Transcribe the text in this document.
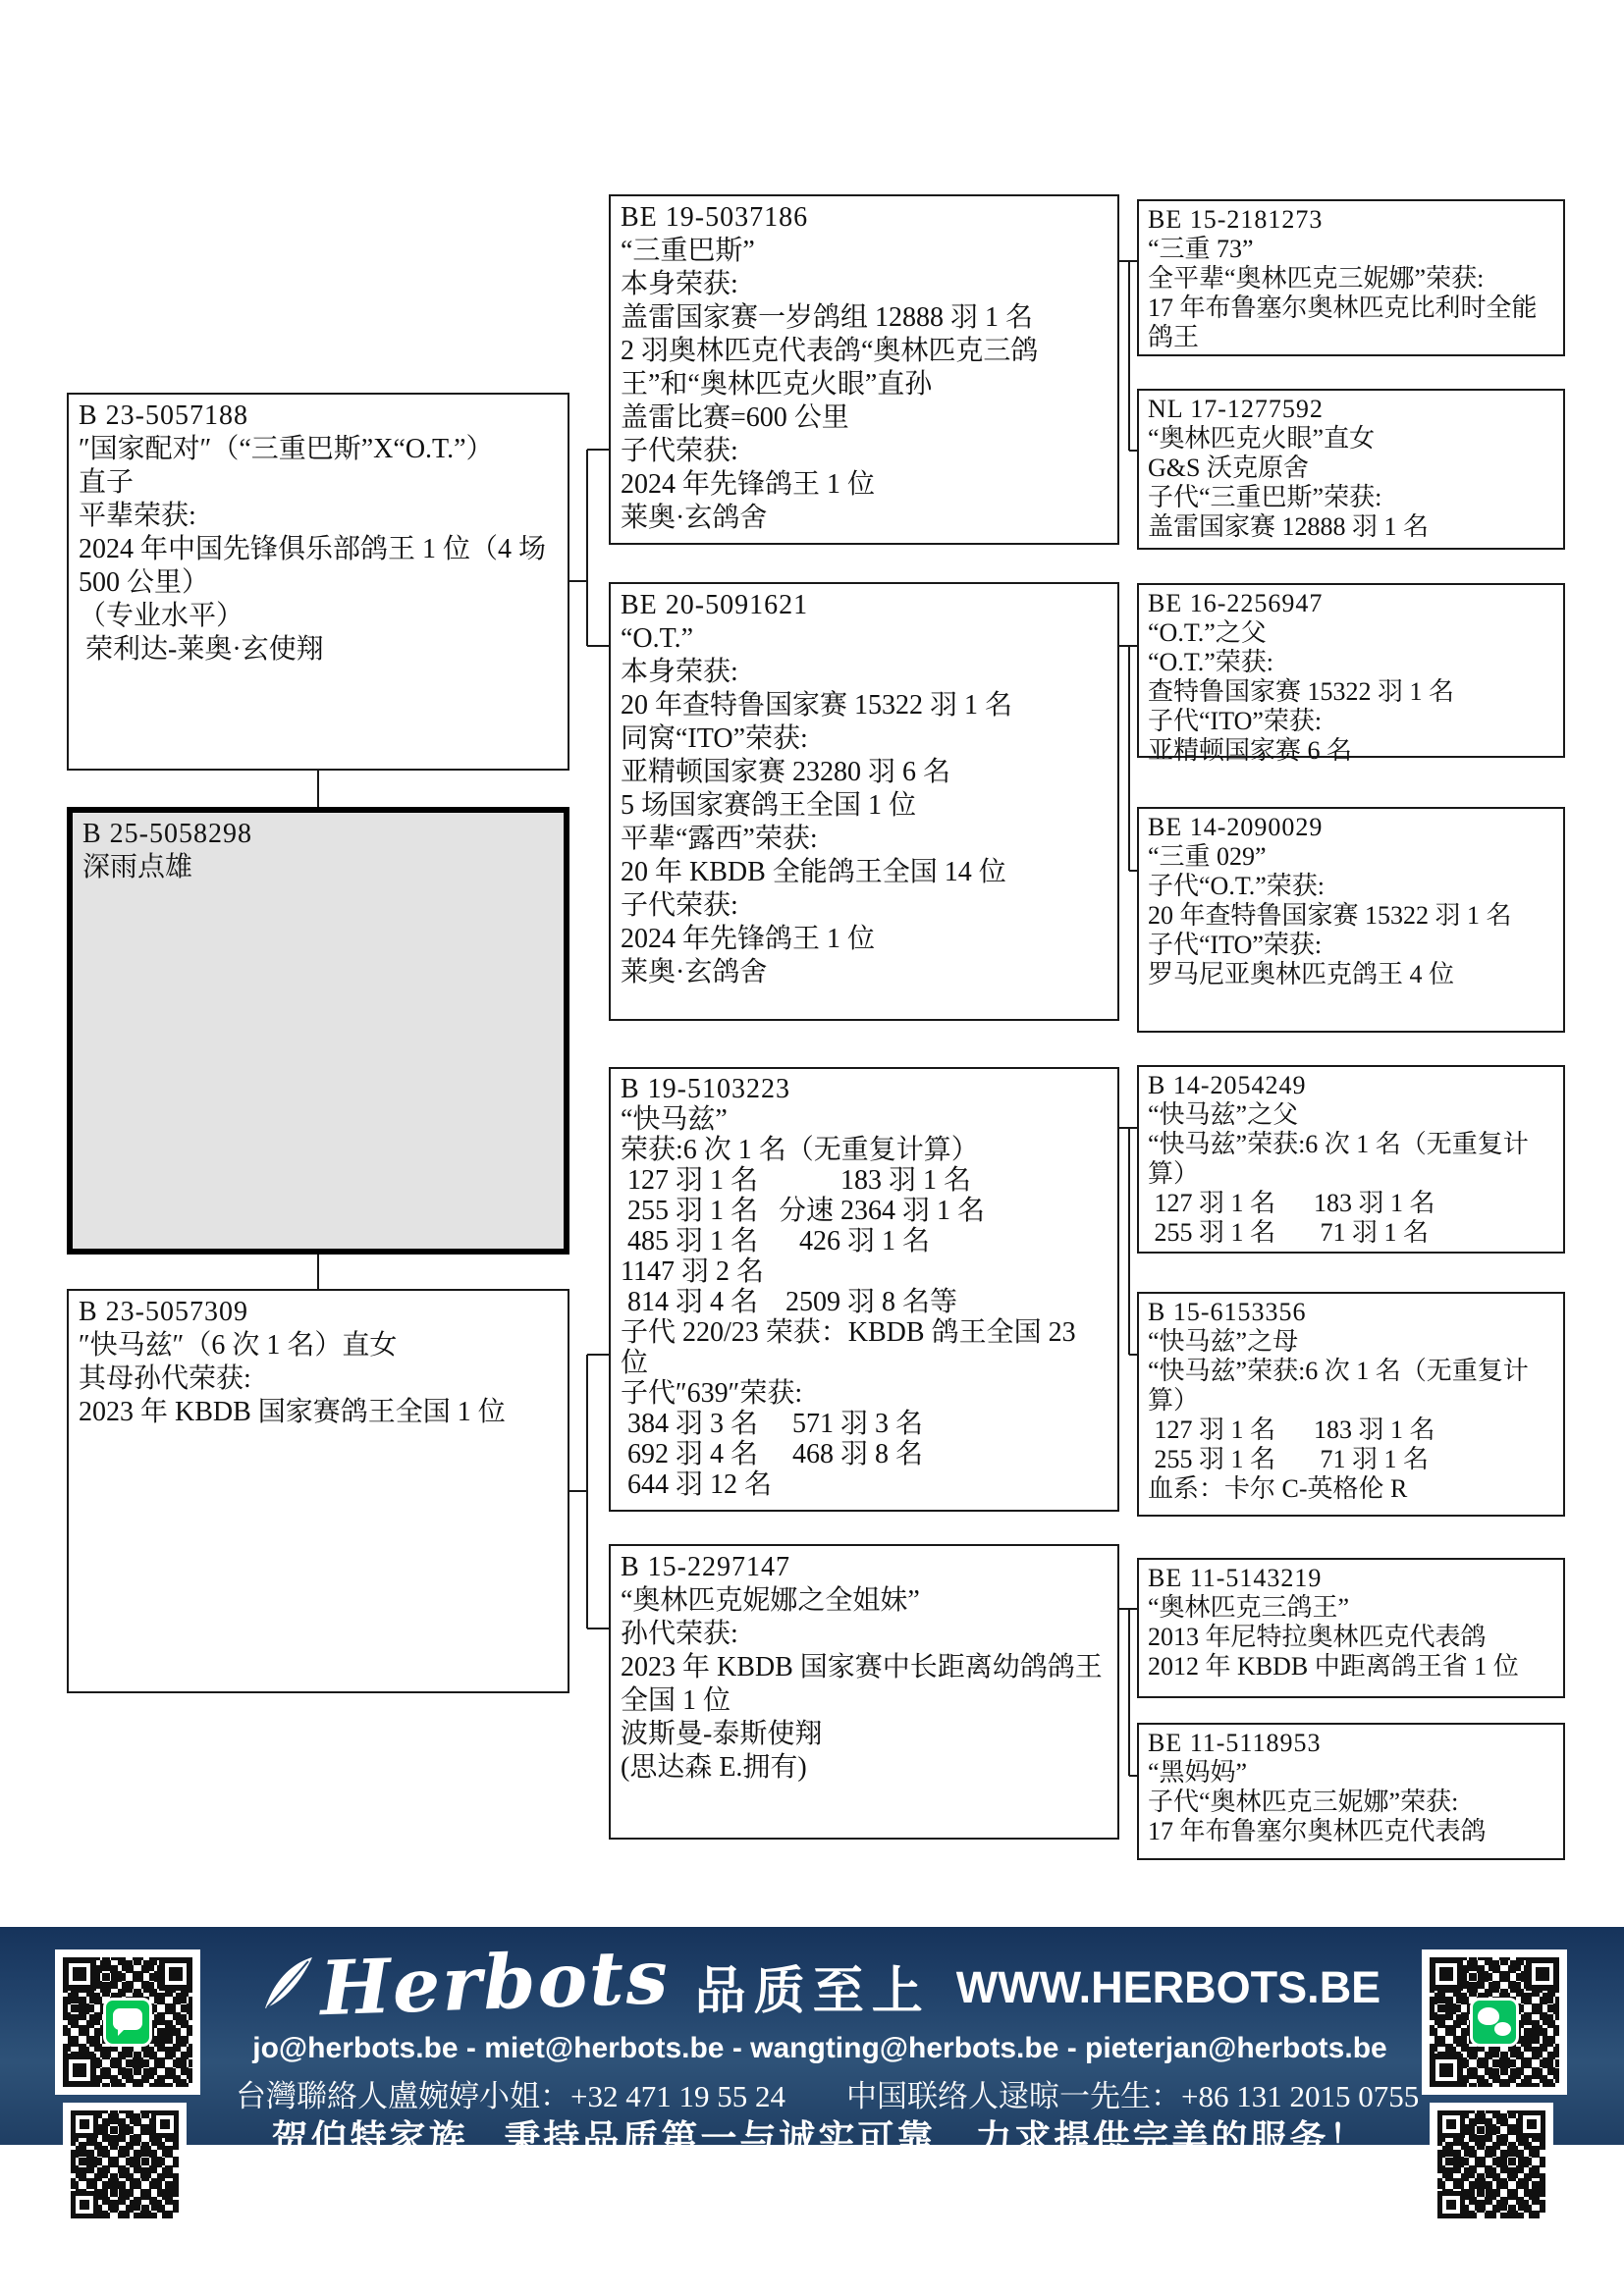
B 23-5057188
″国家配对″（“三重巴斯”X“O.T.”）
直子
平辈荣获:
2024 年中国先锋俱乐部鸽王 1 位（4 场 500 公里）
（专业水平）
荣利达-莱奥·玄使翔
B 25-5058298
深雨点雄
B 23-5057309
″快马兹″（6 次 1 名）直女
其母孙代荣获:
2023 年 KBDB 国家赛鸽王全国 1 位
BE 19-5037186
“三重巴斯”
本身荣获:
盖雷国家赛一岁鸽组 12888 羽 1 名
2 羽奥林匹克代表鸽“奥林匹克三鸽王”和“奥林匹克火眼”直孙
盖雷比赛=600 公里
子代荣获:
2024 年先锋鸽王 1 位
莱奥·玄鸽舍
BE 20-5091621
“O.T.”
本身荣获:
20 年查特鲁国家赛 15322 羽 1 名
同窝“ITO”荣获:
亚精顿国家赛 23280 羽 6 名
5 场国家赛鸽王全国 1 位
平辈“露西”荣获:
20 年 KBDB 全能鸽王全国 14 位
子代荣获:
2024 年先锋鸽王 1 位
莱奥·玄鸽舍
B 19-5103223
“快马兹”
荣获:6 次 1 名（无重复计算）
127 羽 1 名            183 羽 1 名
255 羽 1 名   分速 2364 羽 1 名
485 羽 1 名      426 羽 1 名
1147 羽 2 名
814 羽 4 名    2509 羽 8 名等
子代 220/23 荣获：KBDB 鸽王全国 23 位
子代″639″荣获:
384 羽 3 名     571 羽 3 名
692 羽 4 名     468 羽 8 名
644 羽 12 名
B 15-2297147
“奥林匹克妮娜之全姐妹”
孙代荣获:
2023 年 KBDB 国家赛中长距离幼鸽鸽王全国 1 位
波斯曼-泰斯使翔
(思达森 E.拥有)
BE 15-2181273
“三重 73”
全平辈“奥林匹克三妮娜”荣获:
17 年布鲁塞尔奥林匹克比利时全能鸽王
NL 17-1277592
“奥林匹克火眼”直女
G&S 沃克原舍
子代“三重巴斯”荣获:
盖雷国家赛 12888 羽 1 名
BE 16-2256947
“O.T.”之父
“O.T.”荣获:
查特鲁国家赛 15322 羽 1 名
子代“ITO”荣获:
亚精顿国家赛 6 名
BE 14-2090029
“三重 029”
子代“O.T.”荣获:
20 年查特鲁国家赛 15322 羽 1 名
子代“ITO”荣获:
罗马尼亚奥林匹克鸽王 4 位
B 14-2054249
“快马兹”之父
“快马兹”荣获:6 次 1 名（无重复计算）
127 羽 1 名      183 羽 1 名
255 羽 1 名       71 羽 1 名
B 15-6153356
“快马兹”之母
“快马兹”荣获:6 次 1 名（无重复计算）
127 羽 1 名      183 羽 1 名
255 羽 1 名       71 羽 1 名
血系：卡尔 C-英格伦 R
BE 11-5143219
“奥林匹克三鸽王”
2013 年尼特拉奥林匹克代表鸽
2012 年 KBDB 中距离鸽王省 1 位
BE 11-5118953
“黑妈妈”
子代“奥林匹克三妮娜”荣获:
17 年布鲁塞尔奥林匹克代表鸽
Herbots 品质至上 WWW.HERBOTS.BE
jo@herbots.be - miet@herbots.be - wangting@herbots.be - pieterjan@herbots.be
台灣聯絡人盧婉婷小姐：+32 471 19 55 24　　中国联络人逯晾一先生：+86 131 2015 0755
贺伯特家族...秉持品质第一与诚实可靠，力求提供完美的服务！
